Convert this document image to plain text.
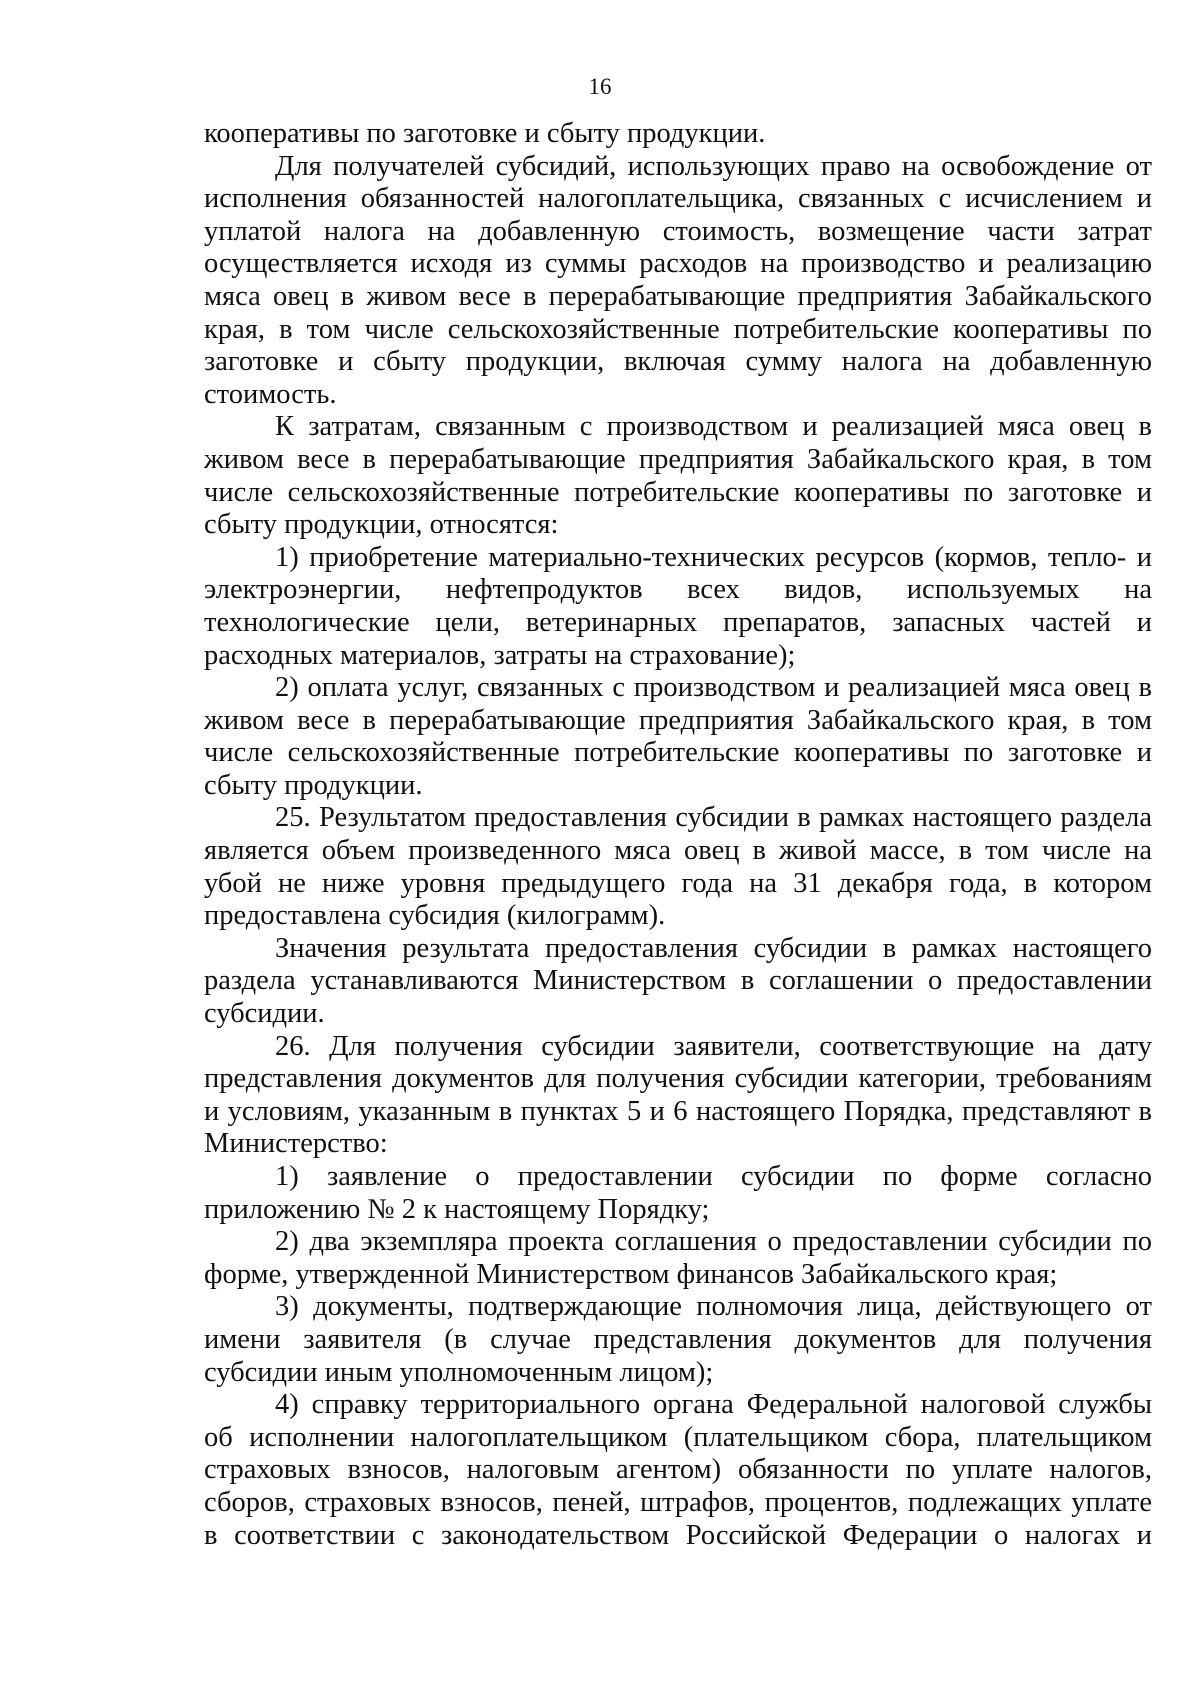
16

кооперативы по заготовке и сбыту продукции.

Для получателей субсидий, использующих право на освобождение от исполнения обязанностей налогоплательщика, связанных с исчислением и уплатой налога на добавленную стоимость, возмещение части затрат осуществляется исходя из суммы расходов на производство и реализацию мяса овец в живом весе в перерабатывающие предприятия Забайкальского края, в том числе сельскохозяйственные потребительские кооперативы по заготовке и сбыту продукции, включая сумму налога на добавленную стоимость.

К затратам, связанным с производством и реализацией мяса овец в живом весе в перерабатывающие предприятия Забайкальского края, в том числе сельскохозяйственные потребительские кооперативы по заготовке и сбыту продукции, относятся:

1) приобретение материально-технических ресурсов (кормов, тепло- и электроэнергии, нефтепродуктов всех видов, используемых на технологические цели, ветеринарных препаратов, запасных частей и расходных материалов, затраты на страхование);

2) оплата услуг, связанных с производством и реализацией мяса овец в живом весе в перерабатывающие предприятия Забайкальского края, в том числе сельскохозяйственные потребительские кооперативы по заготовке и сбыту продукции.

25. Результатом предоставления субсидии в рамках настоящего раздела является объем произведенного мяса овец в живой массе, в том числе на убой не ниже уровня предыдущего года на 31 декабря года, в котором предоставлена субсидия (килограмм).

Значения результата предоставления субсидии в рамках настоящего раздела устанавливаются Министерством в соглашении о предоставлении субсидии.

26. Для получения субсидии заявители, соответствующие на дату представления документов для получения субсидии категории, требованиям и условиям, указанным в пунктах 5 и 6 настоящего Порядка, представляют в Министерство:

1) заявление о предоставлении субсидии по форме согласно приложению № 2 к настоящему Порядку;

2) два экземпляра проекта соглашения о предоставлении субсидии по форме, утвержденной Министерством финансов Забайкальского края;

3) документы, подтверждающие полномочия лица, действующего от имени заявителя (в случае представления документов для получения субсидии иным уполномоченным лицом);

4) справку территориального органа Федеральной налоговой службы об исполнении налогоплательщиком (плательщиком сбора, плательщиком страховых взносов, налоговым агентом) обязанности по уплате налогов, сборов, страховых взносов, пеней, штрафов, процентов, подлежащих уплате в соответствии с законодательством Российской Федерации о налогах и
